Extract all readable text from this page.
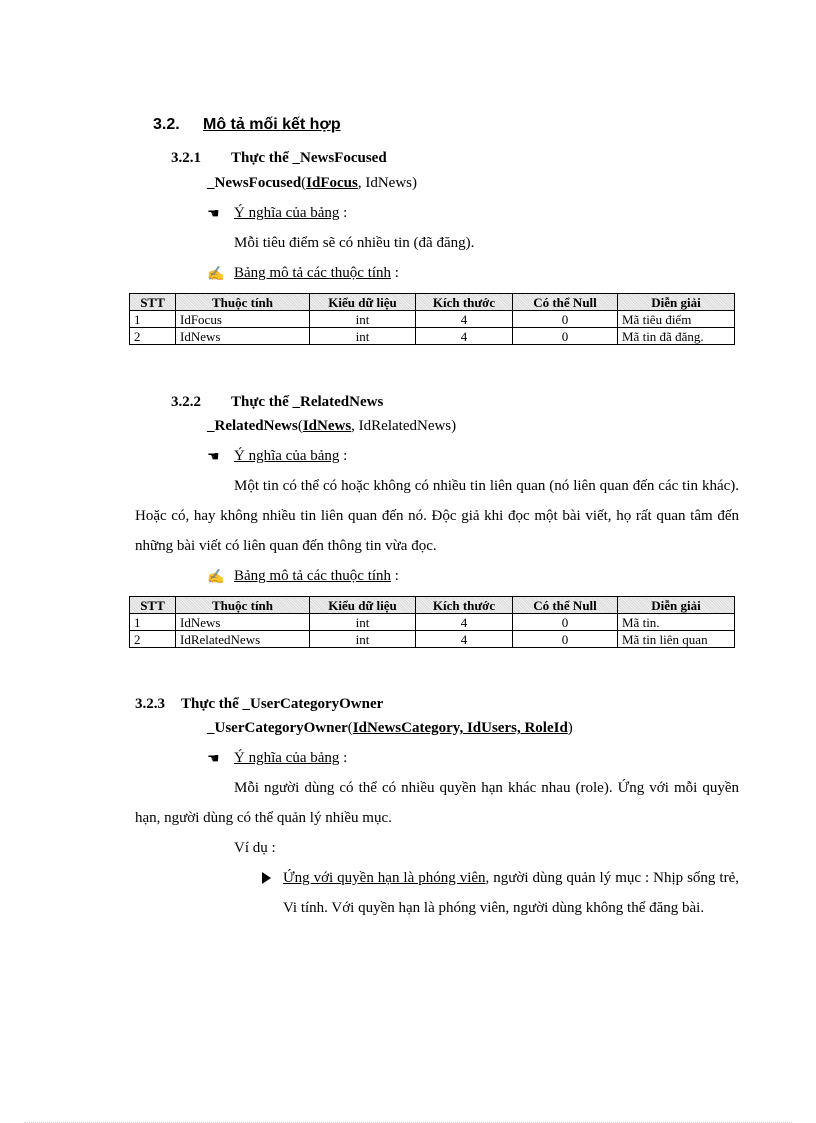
3.2. Mô tả mối kết hợp
3.2.1 Thực thể _NewsFocused
_NewsFocused(IdFocus, IdNews)
☚ Ý nghĩa của bảng :
Mỗi tiêu điểm sẽ có nhiều tin (đã đăng).
✍ Bảng mô tả các thuộc tính :
STT	Thuộc tính	Kiểu dữ liệu	Kích thước	Có thể Null	Diễn giải
1	IdFocus	int	4	0	Mã tiêu điểm
2	IdNews	int	4	0	Mã tin đã đăng.
3.2.2 Thực thể _RelatedNews
_RelatedNews(IdNews, IdRelatedNews)
☚ Ý nghĩa của bảng :
Một tin có thể có hoặc không có nhiều tin liên quan (nó liên quan đến các tin khác). Hoặc có, hay không nhiều tin liên quan đến nó. Độc giả khi đọc một bài viết, họ rất quan tâm đến những bài viết có liên quan đến thông tin vừa đọc.
✍ Bảng mô tả các thuộc tính :
STT	Thuộc tính	Kiểu dữ liệu	Kích thước	Có thể Null	Diễn giải
1	IdNews	int	4	0	Mã tin.
2	IdRelatedNews	int	4	0	Mã tin liên quan
3.2.3 Thực thể _UserCategoryOwner
_UserCategoryOwner(IdNewsCategory, IdUsers, RoleId)
☚ Ý nghĩa của bảng :
Mỗi người dùng có thể có nhiều quyền hạn khác nhau (role). Ứng với mỗi quyền hạn, người dùng có thể quản lý nhiều mục.
Ví dụ :
Ứng với quyền hạn là phóng viên, người dùng quản lý mục : Nhịp sống trẻ, Vi tính. Với quyền hạn là phóng viên, người dùng không thể đăng bài.
